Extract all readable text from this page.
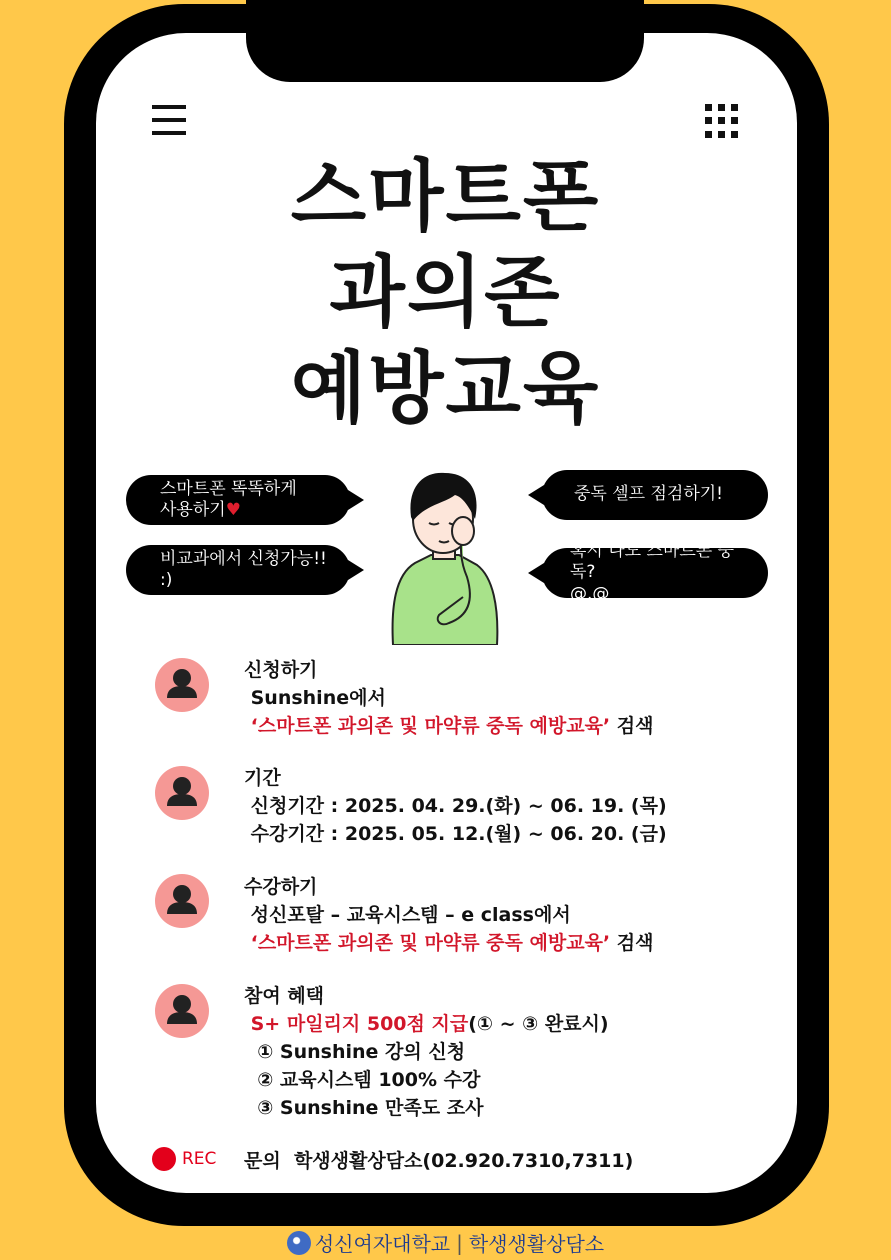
스마트폰
과의존
예방교육
스마트폰 똑똑하게
사용하기♥
비교과에서 신청가능!! :)
중독 셀프 점검하기!
혹시 나도 스마트폰 중독?
@.@
신청하기
Sunshine에서
‘스마트폰 과의존 및 마약류 중독 예방교육’ 검색
기간
신청기간 : 2025. 04. 29.(화) ~ 06. 19. (목)
수강기간 : 2025. 05. 12.(월) ~ 06. 20. (금)
수강하기
성신포탈 – 교육시스템 – e class에서
‘스마트폰 과의존 및 마약류 중독 예방교육’ 검색
참여 혜택
S+ 마일리지 500점 지급(① ~ ③ 완료시)
① Sunshine 강의 신청
② 교육시스템 100% 수강
③ Sunshine 만족도 조사
REC 문의  학생생활상담소(02.920.7310,7311)
성신여자대학교 | 학생생활상담소
